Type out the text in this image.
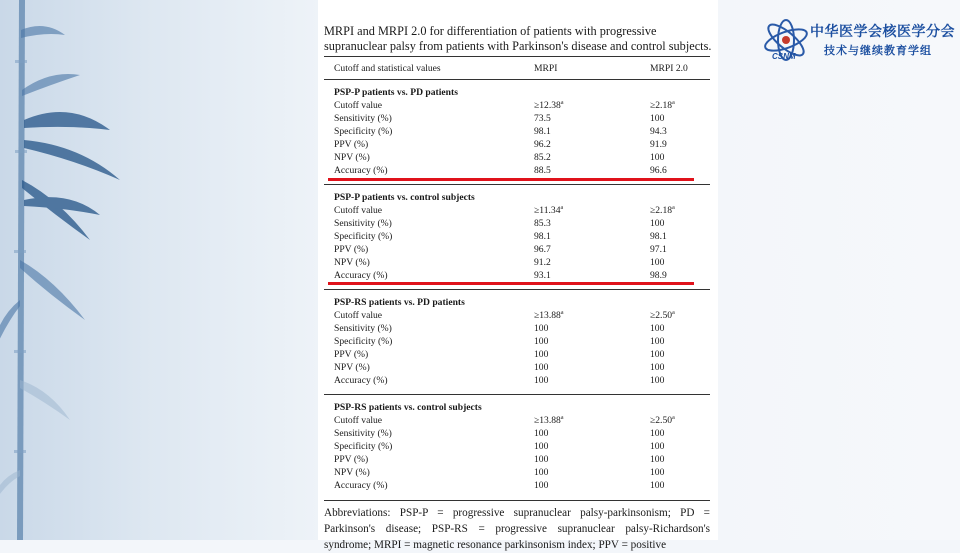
CSNM
中华医学会核医学分会
技术与继续教育学组
MRPI and MRPI 2.0 for differentiation of patients with progressive supranuclear palsy from patients with Parkinson's disease and control subjects.
Cutoff and statistical values	MRPI	MRPI 2.0
PSP-P patients vs. PD patients
Cutoff value	≥12.38$^a$	≥2.18$^a$
Sensitivity (%)	73.5	100
Specificity (%)	98.1	94.3
PPV (%)	96.2	91.9
NPV (%)	85.2	100
Accuracy (%)	88.5	96.6
PSP-P patients vs. control subjects
Cutoff value	≥11.34$^a$	≥2.18$^a$
Sensitivity (%)	85.3	100
Specificity (%)	98.1	98.1
PPV (%)	96.7	97.1
NPV (%)	91.2	100
Accuracy (%)	93.1	98.9
PSP-RS patients vs. PD patients
Cutoff value	≥13.88$^a$	≥2.50$^a$
Sensitivity (%)	100	100
Specificity (%)	100	100
PPV (%)	100	100
NPV (%)	100	100
Accuracy (%)	100	100
PSP-RS patients vs. control subjects
Cutoff value	≥13.88$^a$	≥2.50$^a$
Sensitivity (%)	100	100
Specificity (%)	100	100
PPV (%)	100	100
NPV (%)	100	100
Accuracy (%)	100	100
Abbreviations: PSP-P = progressive supranuclear palsy-parkinsonism; PD = Parkinson's disease; PSP-RS = progressive supranuclear palsy-Richardson's syndrome; MRPI = magnetic resonance parkinsonism index; PPV = positive
